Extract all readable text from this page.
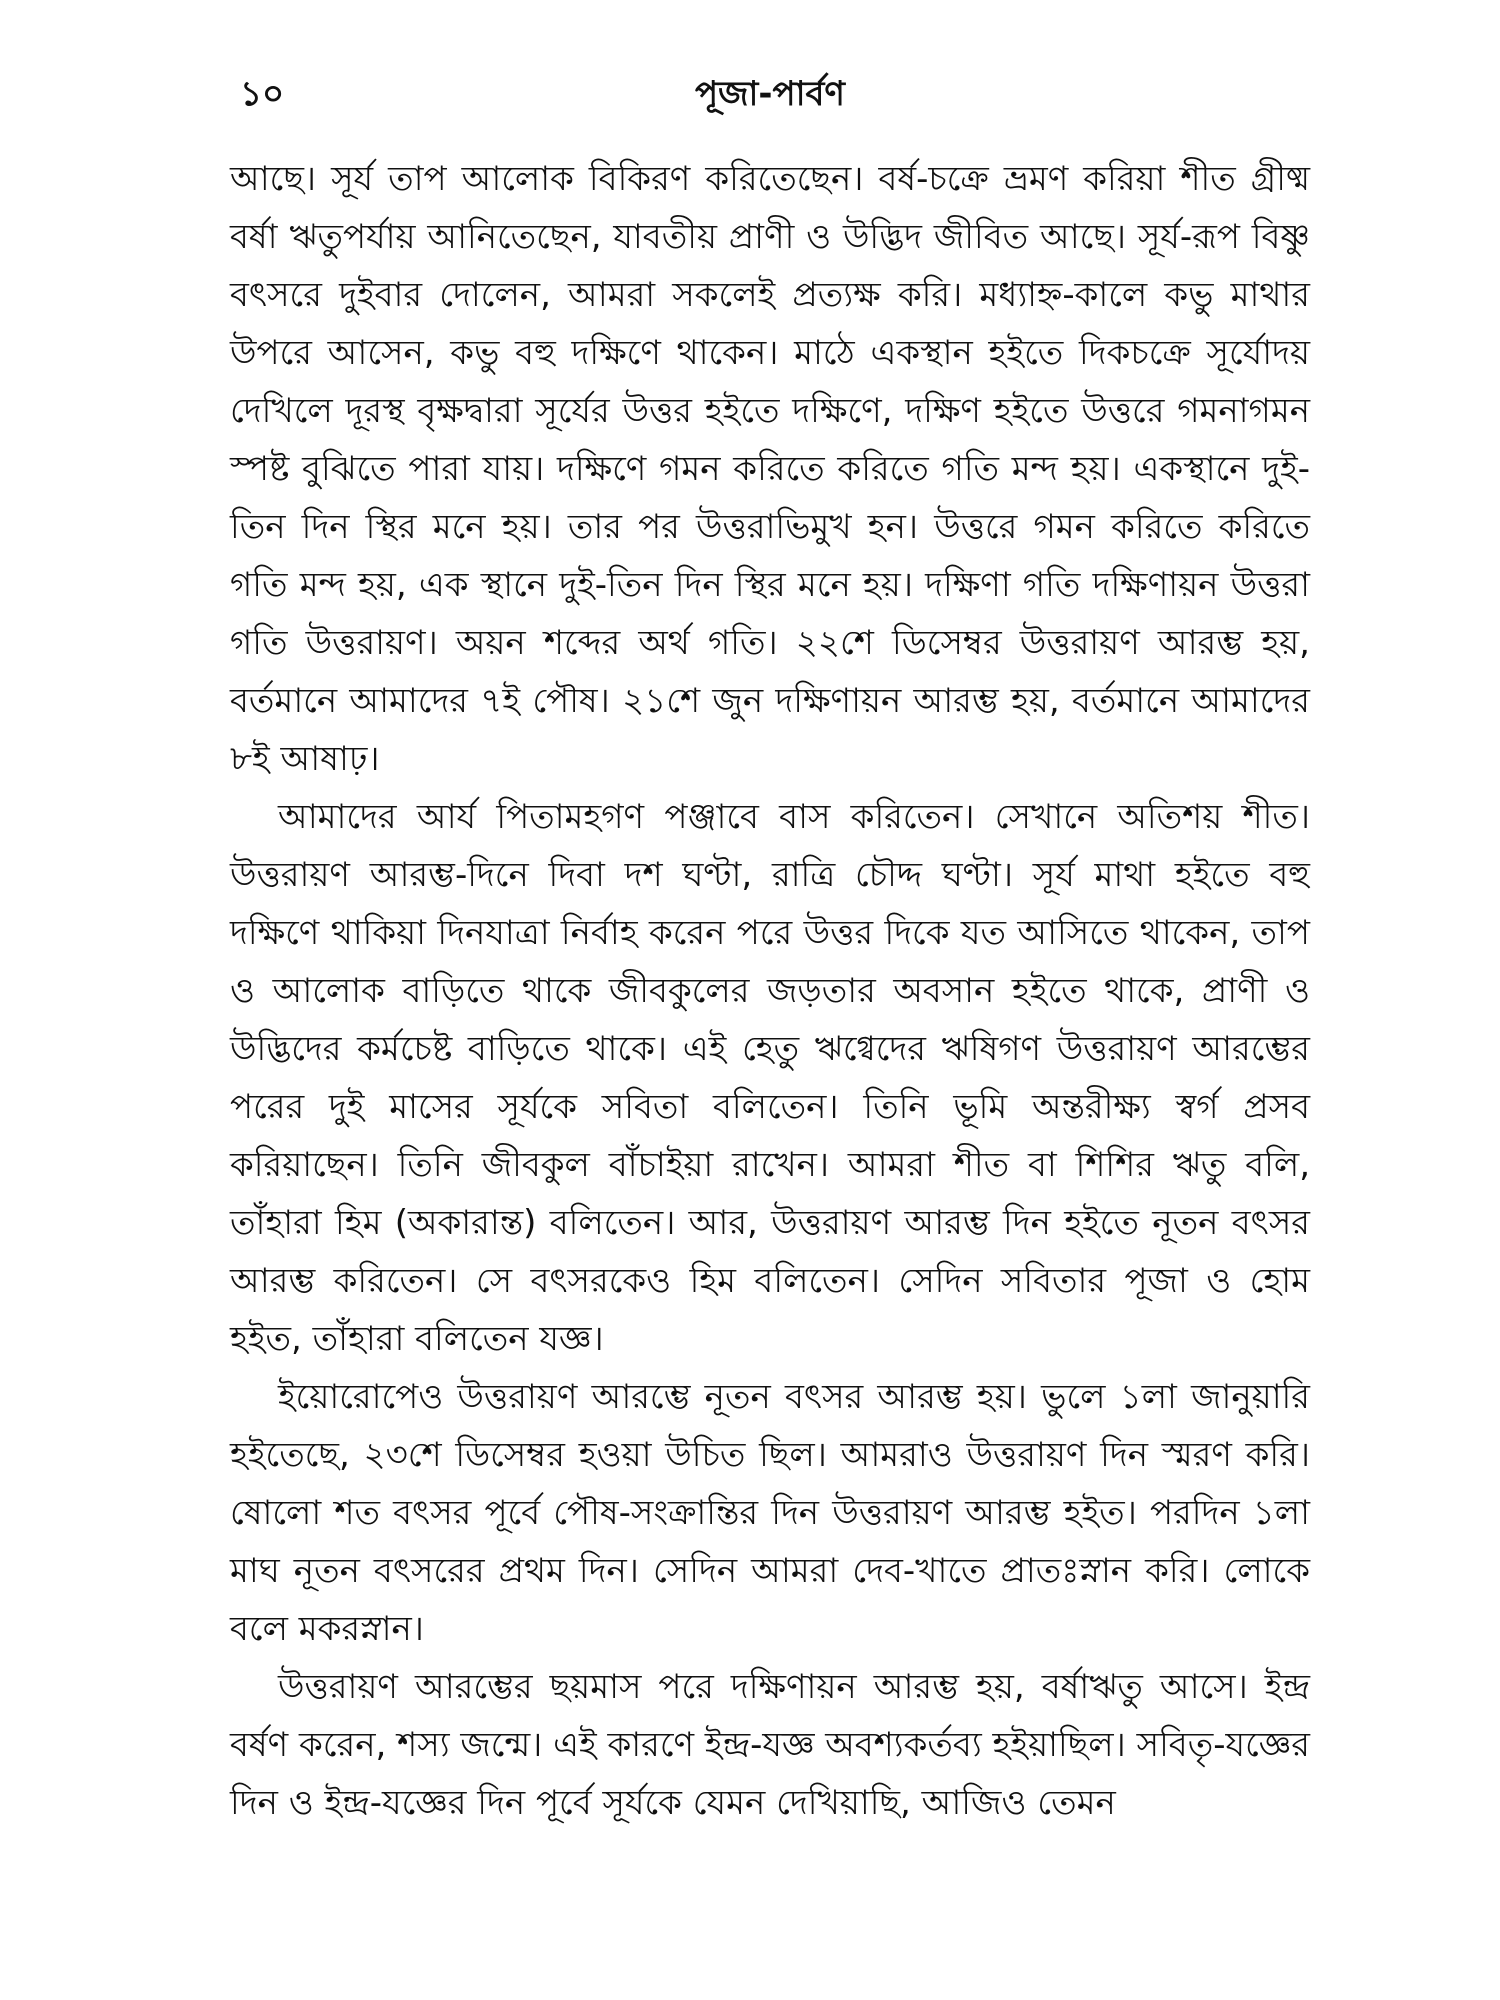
১০	পূজা-পার্বণ

আছে। সূর্য তাপ আলোক বিকিরণ করিতেছেন। বর্ষ-চক্রে ভ্রমণ করিয়া শীত গ্রীষ্ম বর্ষা ঋতুপর্যায় আনিতেছেন, যাবতীয় প্রাণী ও উদ্ভিদ জীবিত আছে। সূর্য-রূপ বিষ্ণু বৎসরে দুইবার দোলেন, আমরা সকলেই প্রত্যক্ষ করি। মধ্যাহ্ন-কালে কভু মাথার উপরে আসেন, কভু বহু দক্ষিণে থাকেন। মাঠে একস্থান হইতে দিকচক্রে সূর্যোদয় দেখিলে দূরস্থ বৃক্ষদ্বারা সূর্যের উত্তর হইতে দক্ষিণে, দক্ষিণ হইতে উত্তরে গমনাগমন স্পষ্ট বুঝিতে পারা যায়। দক্ষিণে গমন করিতে করিতে গতি মন্দ হয়। একস্থানে দুই-তিন দিন স্থির মনে হয়। তার পর উত্তরাভিমুখ হন। উত্তরে গমন করিতে করিতে গতি মন্দ হয়, এক স্থানে দুই-তিন দিন স্থির মনে হয়। দক্ষিণা গতি দক্ষিণায়ন উত্তরা গতি উত্তরায়ণ। অয়ন শব্দের অর্থ গতি। ২২শে ডিসেম্বর উত্তরায়ণ আরম্ভ হয়, বর্তমানে আমাদের ৭ই পৌষ। ২১শে জুন দক্ষিণায়ন আরম্ভ হয়, বর্তমানে আমাদের ৮ই আষাঢ়।

আমাদের আর্য পিতামহগণ পঞ্জাবে বাস করিতেন। সেখানে অতিশয় শীত। উত্তরায়ণ আরম্ভ-দিনে দিবা দশ ঘণ্টা, রাত্রি চৌদ্দ ঘণ্টা। সূর্য মাথা হইতে বহু দক্ষিণে থাকিয়া দিনযাত্রা নির্বাহ করেন পরে উত্তর দিকে যত আসিতে থাকেন, তাপ ও আলোক বাড়িতে থাকে জীবকুলের জড়তার অবসান হইতে থাকে, প্রাণী ও উদ্ভিদের কর্মচেষ্ট বাড়িতে থাকে। এই হেতু ঋগ্বেদের ঋষিগণ উত্তরায়ণ আরম্ভের পরের দুই মাসের সূর্যকে সবিতা বলিতেন। তিনি ভূমি অন্তরীক্ষ্য স্বর্গ প্রসব করিয়াছেন। তিনি জীবকুল বাঁচাইয়া রাখেন। আমরা শীত বা শিশির ঋতু বলি, তাঁহারা হিম (অকারান্ত) বলিতেন। আর, উত্তরায়ণ আরম্ভ দিন হইতে নূতন বৎসর আরম্ভ করিতেন। সে বৎসরকেও হিম বলিতেন। সেদিন সবিতার পূজা ও হোম হইত, তাঁহারা বলিতেন যজ্ঞ।

ইয়োরোপেও উত্তরায়ণ আরম্ভে নূতন বৎসর আরম্ভ হয়। ভুলে ১লা জানুয়ারি হইতেছে, ২৩শে ডিসেম্বর হওয়া উচিত ছিল। আমরাও উত্তরায়ণ দিন স্মরণ করি। ষোলো শত বৎসর পূর্বে পৌষ-সংক্রান্তির দিন উত্তরায়ণ আরম্ভ হইত। পরদিন ১লা মাঘ নূতন বৎসরের প্রথম দিন। সেদিন আমরা দেব-খাতে প্রাতঃস্নান করি। লোকে বলে মকরস্নান।

উত্তরায়ণ আরম্ভের ছয়মাস পরে দক্ষিণায়ন আরম্ভ হয়, বর্ষাঋতু আসে। ইন্দ্র বর্ষণ করেন, শস্য জন্মে। এই কারণে ইন্দ্র-যজ্ঞ অবশ্যকর্তব্য হইয়াছিল। সবিতৃ-যজ্ঞের দিন ও ইন্দ্র-যজ্ঞের দিন পূর্বে সূর্যকে যেমন দেখিয়াছি, আজিও তেমন
